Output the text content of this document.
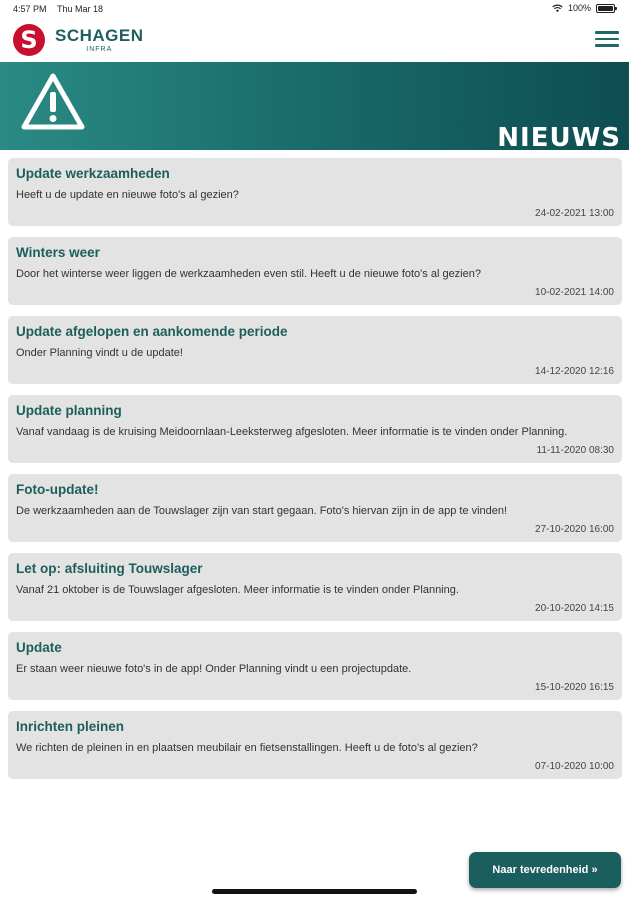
4:57 PM Thu Mar 18	100%
S	SCHAGEN
INFRA
NIEUWS
Update werkzaamheden
Heeft u de update en nieuwe foto's al gezien?
24-02-2021 13:00
Winters weer
Door het winterse weer liggen de werkzaamheden even stil. Heeft u de nieuwe foto's al gezien?
10-02-2021 14:00
Update afgelopen en aankomende periode
Onder Planning vindt u de update!
14-12-2020 12:16
Update planning
Vanaf vandaag is de kruising Meidoornlaan-Leeksterweg afgesloten. Meer informatie is te vinden onder Planning.
11-11-2020 08:30
Foto-update!
De werkzaamheden aan de Touwslager zijn van start gegaan. Foto's hiervan zijn in de app te vinden!
27-10-2020 16:00
Let op: afsluiting Touwslager
Vanaf 21 oktober is de Touwslager afgesloten. Meer informatie is te vinden onder Planning.
20-10-2020 14:15
Update
Er staan weer nieuwe foto's in de app! Onder Planning vindt u een projectupdate.
15-10-2020 16:15
Inrichten pleinen
We richten de pleinen in en plaatsen meubilair en fietsenstallingen. Heeft u de foto's al gezien?
07-10-2020 10:00
Naar tevredenheid »
